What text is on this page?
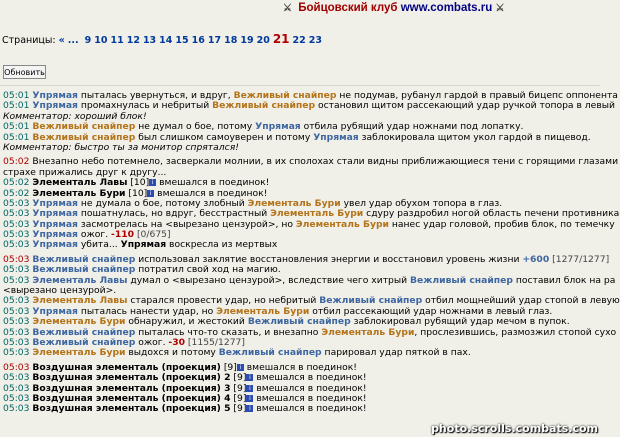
⚔ Бойцовский клуб www.combats.ru ⚔
Страницы: « ... 9 10 11 12 13 14 15 16 17 18 19 20 21 22 23
Обновить
05:01 Упрямая пыталась увернуться, и вдруг, Вежливый снайпер не подумав, рубанул гардой в правый бицепс оппонента
05:01 Упрямая промахнулась и небритый Вежливый снайпер остановил щитом рассекающий удар ручкой топора в левый
Комментатор: хороший блок!
05:01 Вежливый снайпер не думал о бое, потому Упрямая отбила рубящий удар ножнами под лопатку.
05:01 Вежливый снайпер был слишком самоуверен и потому Упрямая заблокировала щитом укол гардой в пищевод.
Комментатор: быстро ты за монитор спрятался!
05:02 Внезапно небо потемнело, засверкали молнии, в их сполохах стали видны приближающиеся тени с горящими глазами
страхе прижались друг к другу...
05:02 Элементаль Лавы [10] i вмешался в поединок!
05:02 Элементаль Бури [10] i вмешался в поединок!
05:03 Упрямая не думала о бое, потому злобный Элементаль Бури увел удар обухом топора в глаз.
05:03 Упрямая пошатнулась, но вдруг, бесстрастный Элементаль Бури сдуру раздробил ногой область печени противника
05:03 Упрямая засмотрелась на <вырезано цензурой>, но Элементаль Бури нанес удар головой, пробив блок, по темечку
05:03 Упрямая ожог. -110 [0/675]
05:03 Упрямая убита... Упрямая воскресла из мертвых
05:03 Вежливый снайпер использовал заклятие восстановления энергии и восстановил уровень жизни +600 [1277/1277]
05:03 Вежливый снайпер потратил свой ход на магию.
05:03 Элементаль Лавы думал о <вырезано цензурой>, вследствие чего хитрый Вежливый снайпер поставил блок на ра
<вырезано цензурой>.
05:03 Элементаль Лавы старался провести удар, но небритый Вежливый снайпер отбил мощнейший удар стопой в левую
05:03 Упрямая пыталась нанести удар, но Элементаль Бури отбил рассекающий удар ножнами в левый глаз.
05:03 Элементаль Бури обнаружил, и жестокий Вежливый снайпер заблокировал рубящий удар мечом в пупок.
05:03 Вежливый снайпер пыталась что-то сказать, и внезапно Элементаль Бури, прослезившись, размозжил стопой сухо
05:03 Вежливый снайпер ожог. -30 [1155/1277]
05:03 Элементаль Бури выдохся и потому Вежливый снайпер парировал удар пяткой в пах.
05:03 Воздушная элементаль (проекция) [9] i вмешался в поединок!
05:03 Воздушная элементаль (проекция) 2 [9] i вмешался в поединок!
05:03 Воздушная элементаль (проекция) 3 [9] i вмешался в поединок!
05:03 Воздушная элементаль (проекция) 4 [9] i вмешался в поединок!
05:03 Воздушная элементаль (проекция) 5 [9] i вмешался в поединок!
photo.scrolls.combats.com
